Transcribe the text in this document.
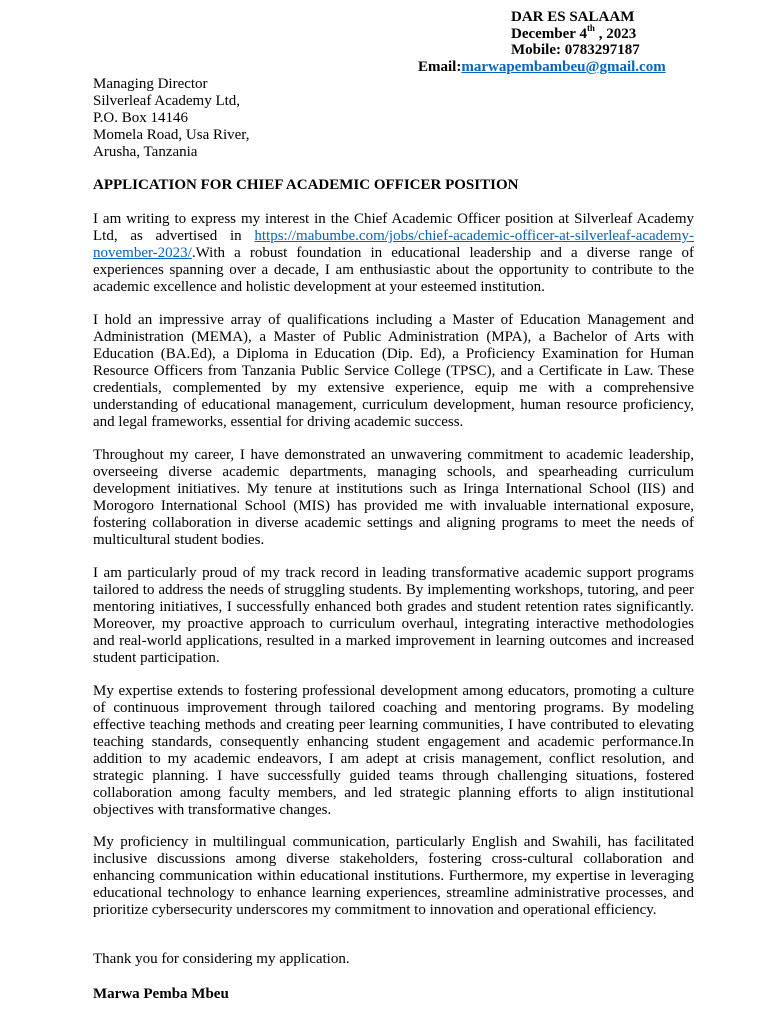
DAR ES SALAAM
December 4th , 2023
Mobile: 0783297187
Email:marwapembambeu@gmail.com
Managing Director
Silverleaf Academy Ltd,
P.O. Box 14146
Momela Road, Usa River,
Arusha, Tanzania
APPLICATION FOR CHIEF ACADEMIC OFFICER POSITION

I am writing to express my interest in the Chief Academic Officer position at Silverleaf Academy Ltd, as advertised in https://mabumbe.com/jobs/chief-academic-officer-at-silverleaf-academy-november-2023/.With a robust foundation in educational leadership and a diverse range of experiences spanning over a decade, I am enthusiastic about the opportunity to contribute to the academic excellence and holistic development at your esteemed institution.

I hold an impressive array of qualifications including a Master of Education Management and Administration (MEMA), a Master of Public Administration (MPA), a Bachelor of Arts with Education (BA.Ed), a Diploma in Education (Dip. Ed), a Proficiency Examination for Human Resource Officers from Tanzania Public Service College (TPSC), and a Certificate in Law. These credentials, complemented by my extensive experience, equip me with a comprehensive understanding of educational management, curriculum development, human resource proficiency, and legal frameworks, essential for driving academic success.

Throughout my career, I have demonstrated an unwavering commitment to academic leadership, overseeing diverse academic departments, managing schools, and spearheading curriculum development initiatives. My tenure at institutions such as Iringa International School (IIS) and Morogoro International School (MIS) has provided me with invaluable international exposure, fostering collaboration in diverse academic settings and aligning programs to meet the needs of multicultural student bodies.

I am particularly proud of my track record in leading transformative academic support programs tailored to address the needs of struggling students. By implementing workshops, tutoring, and peer mentoring initiatives, I successfully enhanced both grades and student retention rates significantly. Moreover, my proactive approach to curriculum overhaul, integrating interactive methodologies and real-world applications, resulted in a marked improvement in learning outcomes and increased student participation.

My expertise extends to fostering professional development among educators, promoting a culture of continuous improvement through tailored coaching and mentoring programs. By modeling effective teaching methods and creating peer learning communities, I have contributed to elevating teaching standards, consequently enhancing student engagement and academic performance.In addition to my academic endeavors, I am adept at crisis management, conflict resolution, and strategic planning. I have successfully guided teams through challenging situations, fostered collaboration among faculty members, and led strategic planning efforts to align institutional objectives with transformative changes.

My proficiency in multilingual communication, particularly English and Swahili, has facilitated inclusive discussions among diverse stakeholders, fostering cross-cultural collaboration and enhancing communication within educational institutions. Furthermore, my expertise in leveraging educational technology to enhance learning experiences, streamline administrative processes, and prioritize cybersecurity underscores my commitment to innovation and operational efficiency.

Thank you for considering my application.

Marwa Pemba Mbeu
